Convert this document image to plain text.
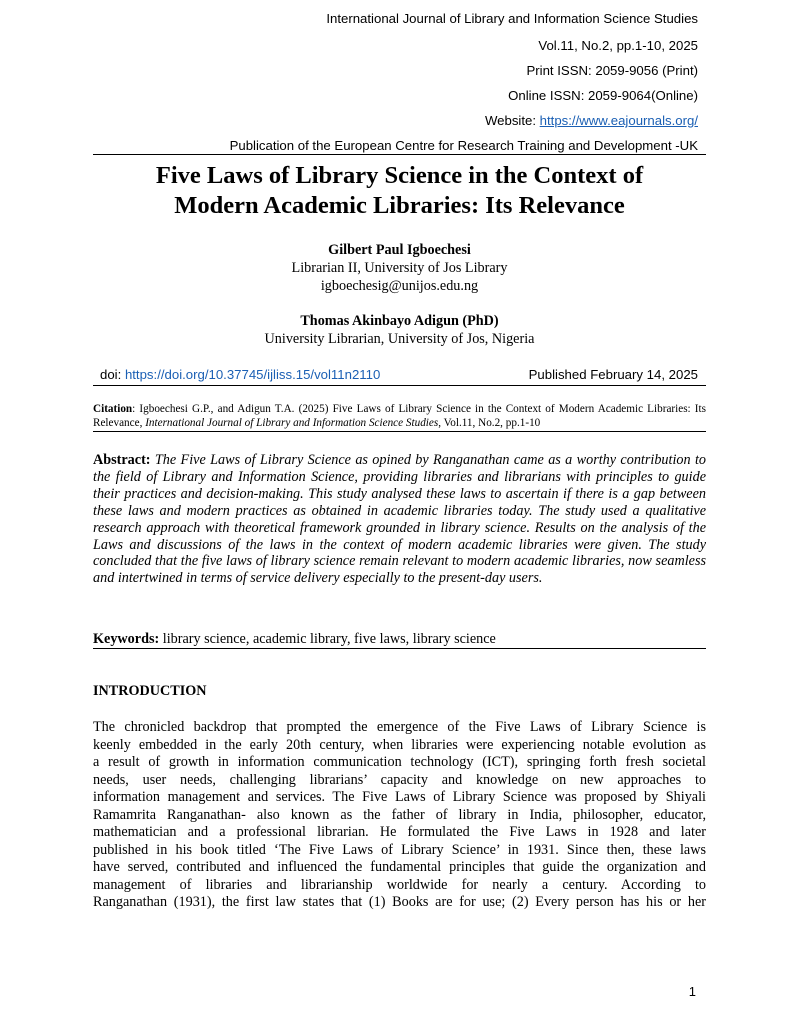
International Journal of Library and Information Science Studies
Vol.11, No.2, pp.1-10, 2025
Print ISSN: 2059-9056 (Print)
Online ISSN: 2059-9064(Online)
Website: https://www.eajournals.org/
Publication of the European Centre for Research Training and Development -UK
Five Laws of Library Science in the Context of
Modern Academic Libraries: Its Relevance
Gilbert Paul Igboechesi
Librarian II, University of Jos Library
igboechesig@unijos.edu.ng
Thomas Akinbayo Adigun (PhD)
University Librarian, University of Jos, Nigeria
doi: https://doi.org/10.37745/ijliss.15/vol11n2110	Published February 14, 2025
Citation: Igboechesi G.P., and Adigun T.A. (2025) Five Laws of Library Science in the Context of Modern Academic Libraries: Its Relevance, International Journal of Library and Information Science Studies, Vol.11, No.2, pp.1-10
Abstract: The Five Laws of Library Science as opined by Ranganathan came as a worthy contribution to the field of Library and Information Science, providing libraries and librarians with principles to guide their practices and decision-making. This study analysed these laws to ascertain if there is a gap between these laws and modern practices as obtained in academic libraries today. The study used a qualitative research approach with theoretical framework grounded in library science. Results on the analysis of the Laws and discussions of the laws in the context of modern academic libraries were given. The study concluded that the five laws of library science remain relevant to modern academic libraries, now seamless and intertwined in terms of service delivery especially to the present-day users.
Keywords: library science, academic library, five laws, library science
INTRODUCTION
The chronicled backdrop that prompted the emergence of the Five Laws of Library Science is
keenly embedded in the early 20th century, when libraries were experiencing notable evolution as
a result of growth in information communication technology (ICT), springing forth fresh societal
needs, user needs, challenging librarians’ capacity and knowledge on new approaches to
information management and services. The Five Laws of Library Science was proposed by Shiyali
Ramamrita Ranganathan- also known as the father of library in India, philosopher, educator,
mathematician and a professional librarian. He formulated the Five Laws in 1928 and later
published in his book titled ‘The Five Laws of Library Science’ in 1931. Since then, these laws
have served, contributed and influenced the fundamental principles that guide the organization and
management of libraries and librarianship worldwide for nearly a century. According to
Ranganathan (1931), the first law states that (1) Books are for use; (2) Every person has his or her
1
